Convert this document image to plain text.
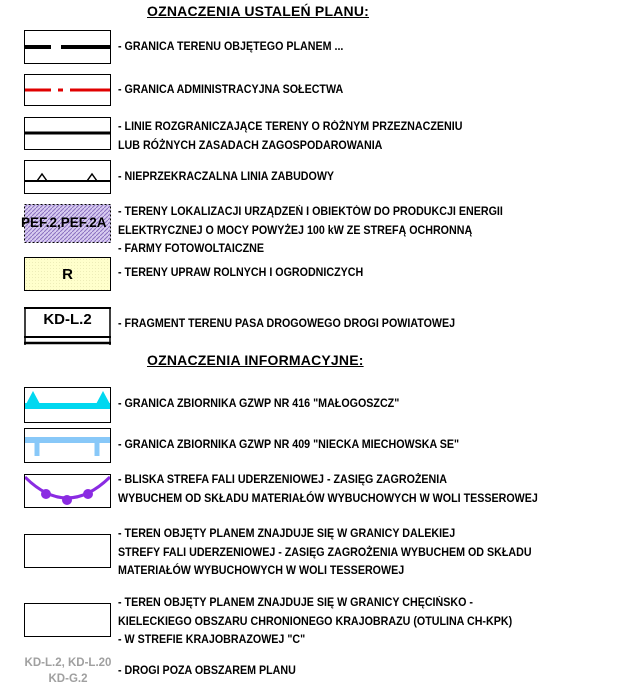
OZNACZENIA USTALEŃ PLANU:
- GRANICA TERENU OBJĘTEGO PLANEM ...
- GRANICA ADMINISTRACYJNA SOŁECTWA
- LINIE ROZGRANICZAJĄCE TERENY O RÓŻNYM PRZEZNACZENIU
LUB RÓŻNYCH ZASADACH ZAGOSPODAROWANIA
- NIEPRZEKRACZALNA LINIA ZABUDOWY
PEF.2,PEF.2A
- TERENY LOKALIZACJI URZĄDZEŃ I OBIEKTÓW DO PRODUKCJI ENERGII
ELEKTRYCZNEJ O MOCY POWYŻEJ 100 kW ZE STREFĄ OCHRONNĄ
- FARMY FOTOWOLTAICZNE
R	- TERENY UPRAW ROLNYCH I OGRODNICZYCH
KD-L.2	- FRAGMENT TERENU PASA DROGOWEGO DROGI POWIATOWEJ
OZNACZENIA INFORMACYJNE:
- GRANICA ZBIORNIKA GZWP NR 416 "MAŁOGOSZCZ"
- GRANICA ZBIORNIKA GZWP NR 409 "NIECKA MIECHOWSKA SE"
- BLISKA STREFA FALI UDERZENIOWEJ - ZASIĘG ZAGROŻENIA
WYBUCHEM OD SKŁADU MATERIAŁÓW WYBUCHOWYCH W WOLI TESSEROWEJ
- TEREN OBJĘTY PLANEM ZNAJDUJE SIĘ W GRANICY DALEKIEJ
STREFY FALI UDERZENIOWEJ - ZASIĘG ZAGROŻENIA WYBUCHEM OD SKŁADU
MATERIAŁÓW WYBUCHOWYCH W WOLI TESSEROWEJ
- TEREN OBJĘTY PLANEM ZNAJDUJE SIĘ W GRANICY CHĘCIŃSKO -
KIELECKIEGO OBSZARU CHRONIONEGO KRAJOBRAZU (OTULINA CH-KPK)
- W STREFIE KRAJOBRAZOWEJ "C"
KD-L.2, KD-L.20
KD-G.2
- DROGI POZA OBSZAREM PLANU
